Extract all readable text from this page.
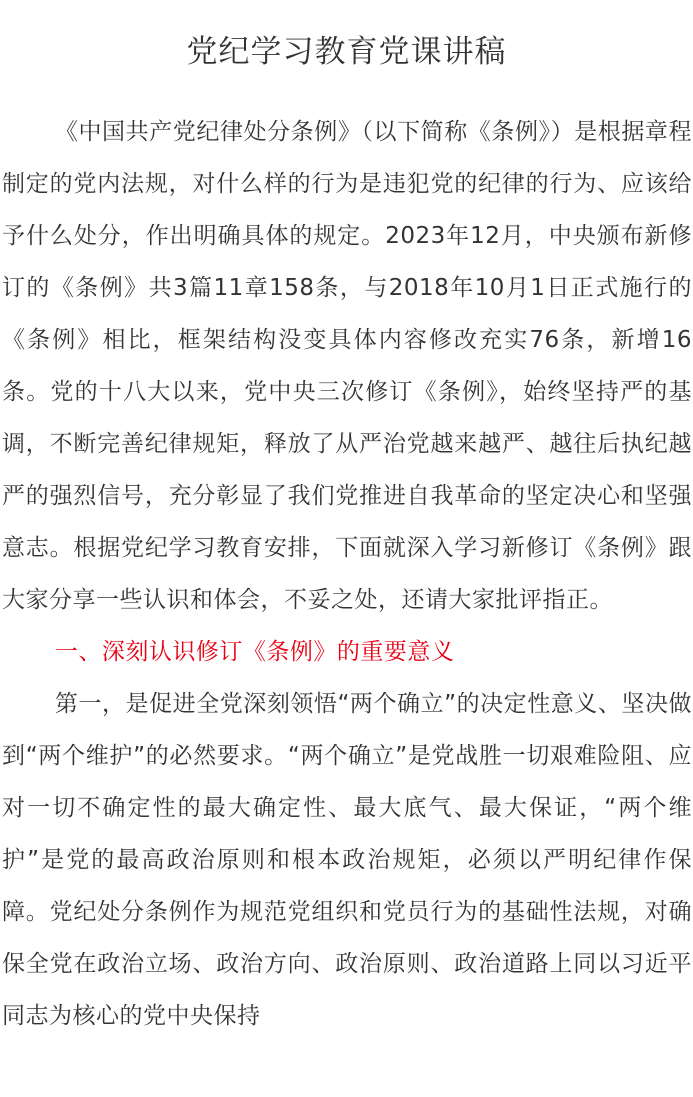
党纪学习教育党课讲稿

《中国共产党纪律处分条例》（以下简称《条例》）是根据章程制定的党内法规，对什么样的行为是违犯党的纪律的行为、应该给予什么处分，作出明确具体的规定。2023年12月，中央颁布新修订的《条例》共3篇11章158条，与2018年10月1日正式施行的《条例》相比，框架结构没变具体内容修改充实76条，新增16条。党的十八大以来，党中央三次修订《条例》，始终坚持严的基调，不断完善纪律规矩，释放了从严治党越来越严、越往后执纪越严的强烈信号，充分彰显了我们党推进自我革命的坚定决心和坚强意志。根据党纪学习教育安排，下面就深入学习新修订《条例》跟大家分享一些认识和体会，不妥之处，还请大家批评指正。

一、深刻认识修订《条例》的重要意义

第一，是促进全党深刻领悟“两个确立”的决定性意义、坚决做到“两个维护”的必然要求。“两个确立”是党战胜一切艰难险阻、应对一切不确定性的最大确定性、最大底气、最大保证，“两个维护”是党的最高政治原则和根本政治规矩，必须以严明纪律作保障。党纪处分条例作为规范党组织和党员行为的基础性法规，对确保全党在政治立场、政治方向、政治原则、政治道路上同以习近平同志为核心的党中央保持
